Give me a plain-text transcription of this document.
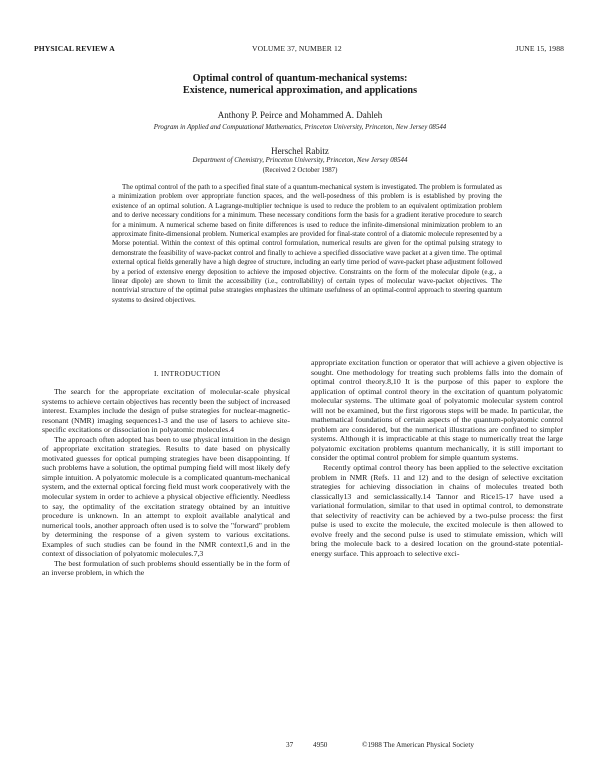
PHYSICAL REVIEW A	VOLUME 37, NUMBER 12	JUNE 15, 1988
Optimal control of quantum-mechanical systems:
Existence, numerical approximation, and applications
Anthony P. Peirce and Mohammed A. Dahleh
Program in Applied and Computational Mathematics, Princeton University, Princeton, New Jersey 08544
Herschel Rabitz
Department of Chemistry, Princeton University, Princeton, New Jersey 08544
(Received 2 October 1987)
The optimal control of the path to a specified final state of a quantum-mechanical system is investigated. The problem is formulated as a minimization problem over appropriate function spaces, and the well-posedness of this problem is is established by proving the existence of an optimal solution. A Lagrange-multiplier technique is used to reduce the problem to an equivalent optimization problem and to derive necessary conditions for a minimum. These necessary conditions form the basis for a gradient iterative procedure to search for a minimum. A numerical scheme based on finite differences is used to reduce the infinite-dimensional minimization problem to an approximate finite-dimensional problem. Numerical examples are provided for final-state control of a diatomic molecule represented by a Morse potential. Within the context of this optimal control formulation, numerical results are given for the optimal pulsing strategy to demonstrate the feasibility of wave-packet control and finally to achieve a specified dissociative wave packet at a given time. The optimal external optical fields generally have a high degree of structure, including an early time period of wave-packet phase adjustment followed by a period of extensive energy deposition to achieve the imposed objective. Constraints on the form of the molecular dipole (e.g., a linear dipole) are shown to limit the accessibility (i.e., controllability) of certain types of molecular wave-packet objectives. The nontrivial structure of the optimal pulse strategies emphasizes the ultimate usefulness of an optimal-control approach to steering quantum systems to desired objectives.
I. INTRODUCTION

The search for the appropriate excitation of molecular-scale physical systems to achieve certain objectives has recently been the subject of increased interest. Examples include the design of pulse strategies for nuclear-magnetic-resonant (NMR) imaging sequences1-3 and the use of lasers to achieve site-specific excitations or dissociation in polyatomic molecules.4

The approach often adopted has been to use physical intuition in the design of appropriate excitation strategies. Results to date based on physically motivated guesses for optical pumping strategies have been disappointing. If such problems have a solution, the optimal pumping field will most likely defy simple intuition. A polyatomic molecule is a complicated quantum-mechanical system, and the external optical forcing field must work cooperatively with the molecular system in order to achieve a physical objective efficiently. Needless to say, the optimality of the excitation strategy obtained by an intuitive procedure is unknown. In an attempt to exploit available analytical and numerical tools, another approach often used is to solve the "forward" problem by determining the response of a given system to various excitations. Examples of such studies can be found in the NMR context1,6 and in the context of dissociation of polyatomic molecules.7,3

The best formulation of such problems should essentially be in the form of an inverse problem, in which the

appropriate excitation function or operator that will achieve a given objective is sought. One methodology for treating such problems falls into the domain of optimal control theory.8,10 It is the purpose of this paper to explore the application of optimal control theory in the excitation of quantum polyatomic molecular systems. The ultimate goal of polyatomic molecular system control will not be examined, but the first rigorous steps will be made. In particular, the mathematical foundations of certain aspects of the quantum-polyatomic control problem are considered, but the numerical illustrations are confined to simpler systems. Although it is impracticable at this stage to numerically treat the large polyatomic excitation problems quantum mechanically, it is still important to consider the optimal control problem for simple quantum systems.

Recently optimal control theory has been applied to the selective excitation problem in NMR (Refs. 11 and 12) and to the design of selective excitation strategies for achieving dissociation in chains of molecules treated both classically13 and semiclassically.14 Tannor and Rice15-17 have used a variational formulation, similar to that used in optimal control, to demonstrate that selectivity of reactivity can be achieved by a two-pulse process: the first pulse is used to excite the molecule, the excited molecule is then allowed to evolve freely and the second pulse is used to stimulate emission, which will bring the molecule back to a desired location on the ground-state potential-energy surface. This approach to selective exci-

37	4950	©1988 The American Physical Society
